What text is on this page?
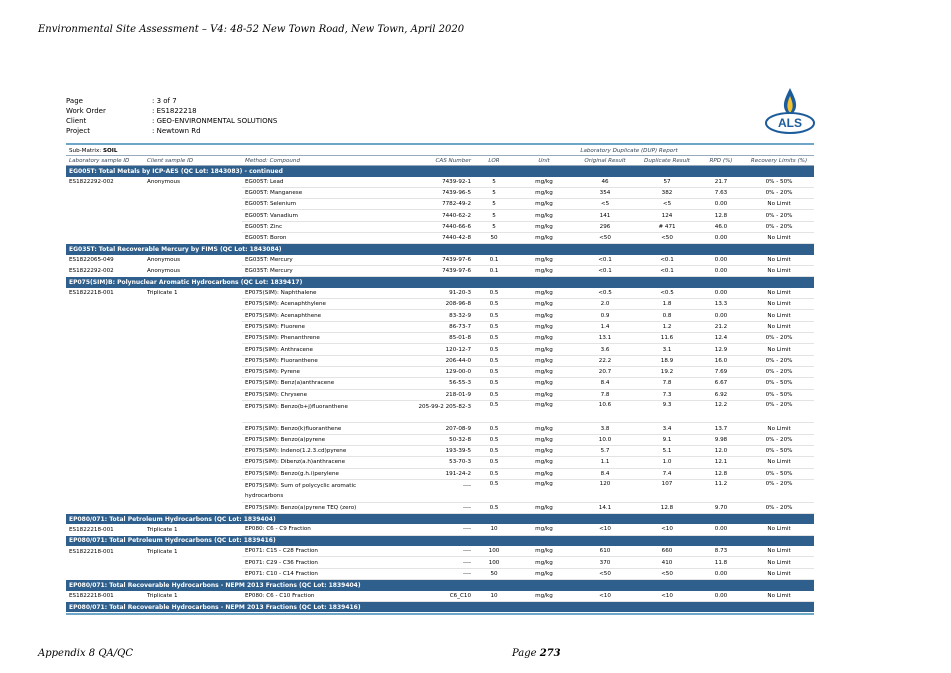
Environmental Site Assessment – V4: 48-52 New Town Road, New Town, April 2020
Page	: 3 of 7
Work Order	: ES1822218
Client	: GEO-ENVIRONMENTAL SOLUTIONS
Project	: Newtown Rd
ALS
Sub-Matrix: SOIL					Laboratory Duplicate (DUP) Report				
Laboratory sample ID	Client sample ID	Method: Compound	CAS Number	LOR	Unit	Original Result	Duplicate Result	RPD (%)	Recovery Limits (%)
EG005T: Total Metals by ICP-AES (QC Lot: 1843083) - continued									
ES1822292-002	Anonymous	EG005T: Lead	7439-92-1	5	mg/kg	46	57	21.7	0% - 50%
		EG005T: Manganese	7439-96-5	5	mg/kg	354	382	7.63	0% - 20%
		EG005T: Selenium	7782-49-2	5	mg/kg	<5	<5	0.00	No Limit
		EG005T: Vanadium	7440-62-2	5	mg/kg	141	124	12.8	0% - 20%
		EG005T: Zinc	7440-66-6	5	mg/kg	296	# 471	46.0	0% - 20%
		EG005T: Boron	7440-42-8	50	mg/kg	<50	<50	0.00	No Limit
EG035T: Total Recoverable Mercury by FIMS (QC Lot: 1843084)									
ES1822065-049	Anonymous	EG035T: Mercury	7439-97-6	0.1	mg/kg	<0.1	<0.1	0.00	No Limit
ES1822292-002	Anonymous	EG035T: Mercury	7439-97-6	0.1	mg/kg	<0.1	<0.1	0.00	No Limit
EP075(SIM)B: Polynuclear Aromatic Hydrocarbons (QC Lot: 1839417)									
ES1822218-001	Triplicate 1	EP075(SIM): Naphthalene	91-20-3	0.5	mg/kg	<0.5	<0.5	0.00	No Limit
		EP075(SIM): Acenaphthylene	208-96-8	0.5	mg/kg	2.0	1.8	13.3	No Limit
		EP075(SIM): Acenaphthene	83-32-9	0.5	mg/kg	0.9	0.8	0.00	No Limit
		EP075(SIM): Fluorene	86-73-7	0.5	mg/kg	1.4	1.2	21.2	No Limit
		EP075(SIM): Phenanthrene	85-01-8	0.5	mg/kg	13.1	11.6	12.4	0% - 20%
		EP075(SIM): Anthracene	120-12-7	0.5	mg/kg	3.6	3.1	12.9	No Limit
		EP075(SIM): Fluoranthene	206-44-0	0.5	mg/kg	22.2	18.9	16.0	0% - 20%
		EP075(SIM): Pyrene	129-00-0	0.5	mg/kg	20.7	19.2	7.69	0% - 20%
		EP075(SIM): Benz(a)anthracene	56-55-3	0.5	mg/kg	8.4	7.8	6.67	0% - 50%
		EP075(SIM): Chrysene	218-01-9	0.5	mg/kg	7.8	7.3	6.92	0% - 50%
		EP075(SIM): Benzo(b+j)fluoranthene	205-99-2 205-82-3	0.5	mg/kg	10.6	9.3	12.2	0% - 20%
		EP075(SIM): Benzo(k)fluoranthene	207-08-9	0.5	mg/kg	3.8	3.4	13.7	No Limit
		EP075(SIM): Benzo(a)pyrene	50-32-8	0.5	mg/kg	10.0	9.1	9.98	0% - 20%
		EP075(SIM): Indeno(1.2.3.cd)pyrene	193-39-5	0.5	mg/kg	5.7	5.1	12.0	0% - 50%
		EP075(SIM): Dibenz(a.h)anthracene	53-70-3	0.5	mg/kg	1.1	1.0	12.1	No Limit
		EP075(SIM): Benzo(g.h.i)perylene	191-24-2	0.5	mg/kg	8.4	7.4	12.8	0% - 50%
		EP075(SIM): Sum of polycyclic aromatic hydrocarbons	----	0.5	mg/kg	120	107	11.2	0% - 20%
		EP075(SIM): Benzo(a)pyrene TEQ (zero)	----	0.5	mg/kg	14.1	12.8	9.70	0% - 20%
EP080/071: Total Petroleum Hydrocarbons (QC Lot: 1839404)									
ES1822218-001	Triplicate 1	EP080: C6 - C9 Fraction	----	10	mg/kg	<10	<10	0.00	No Limit
EP080/071: Total Petroleum Hydrocarbons (QC Lot: 1839416)									
ES1822218-001	Triplicate 1	EP071: C15 - C28 Fraction	----	100	mg/kg	610	660	8.73	No Limit
		EP071: C29 - C36 Fraction	----	100	mg/kg	370	410	11.8	No Limit
		EP071: C10 - C14 Fraction	----	50	mg/kg	<50	<50	0.00	No Limit
EP080/071: Total Recoverable Hydrocarbons - NEPM 2013 Fractions (QC Lot: 1839404)									
ES1822218-001	Triplicate 1	EP080: C6 - C10 Fraction	C6_C10	10	mg/kg	<10	<10	0.00	No Limit
EP080/071: Total Recoverable Hydrocarbons - NEPM 2013 Fractions (QC Lot: 1839416)									
Appendix 8 QA/QC	Page 273
